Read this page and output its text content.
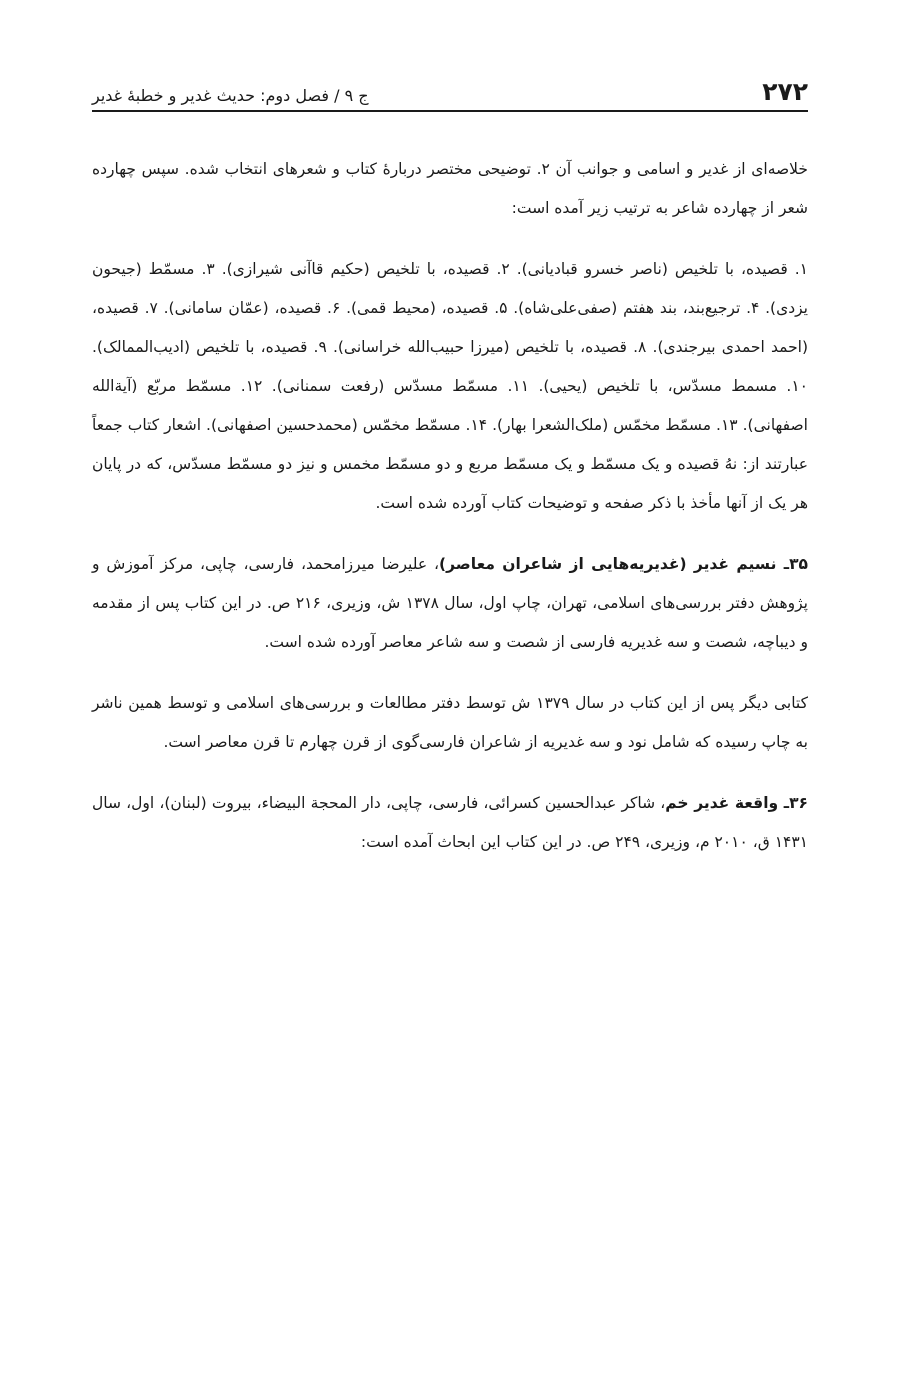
۲۷۲
ج ۹ / فصل دوم: حدیث غدیر و خطبهٔ غدیر

خلاصه‌ای از غدیر و اسامی و جوانب آن ۲. توضیحی مختصر دربارهٔ کتاب و شعرهای انتخاب شده. سپس چهارده شعر از چهارده شاعر به ترتیب زیر آمده است:

۱. قصیده، با تلخیص (ناصر خسرو قبادیانی). ۲. قصیده، با تلخیص (حکیم قاآنی شیرازی). ۳. مسمّط (جیحون یزدی). ۴. ترجیع‌بند، بند هفتم (صفی‌علی‌شاه). ۵. قصیده، (محیط قمی). ۶. قصیده، (عمّان سامانی). ۷. قصیده، (احمد احمدی بیرجندی). ۸. قصیده، با تلخیص (میرزا حبیب‌الله خراسانی). ۹. قصیده، با تلخیص (ادیب‌الممالک). ۱۰. مسمط مسدّس، با تلخیص (یحیی). ۱۱. مسمّط مسدّس (رفعت سمنانی). ۱۲. مسمّط مربّع (آیة‌الله اصفهانی). ۱۳. مسمّط مخمّس (ملک‌الشعرا بهار). ۱۴. مسمّط مخمّس (محمدحسین اصفهانی). اشعار کتاب جمعاً عبارتند از: نهُ قصیده و یک مسمّط و یک مسمّط مربع و دو مسمّط مخمس و نیز دو مسمّط مسدّس، که در پایان هر یک از آنها مأخذ با ذکر صفحه و توضیحات کتاب آورده شده است.

۳۵ـ نسیم غدیر (غدیریه‌هایی از شاعران معاصر)، علیرضا میرزامحمد، فارسی، چاپی، مرکز آموزش و پژوهش دفتر بررسی‌های اسلامی، تهران، چاپ اول، سال ۱۳۷۸ ش، وزیری، ۲۱۶ ص. در این کتاب پس از مقدمه و دیباچه، شصت و سه غدیریه فارسی از شصت و سه شاعر معاصر آورده شده است.

کتابی دیگر پس از این کتاب در سال ۱۳۷۹ ش توسط دفتر مطالعات و بررسی‌های اسلامی و توسط همین ناشر به چاپ رسیده که شامل نود و سه غدیریه از شاعران فارسی‌گوی از قرن چهارم تا قرن معاصر است.

۳۶ـ واقعة غدیر خم، شاکر عبدالحسین کسرائی، فارسی، چاپی، دار المحجة البیضاء، بیروت (لبنان)، اول، سال ۱۴۳۱ ق، ۲۰۱۰ م، وزیری، ۲۴۹ ص. در این کتاب این ابحاث آمده است:
